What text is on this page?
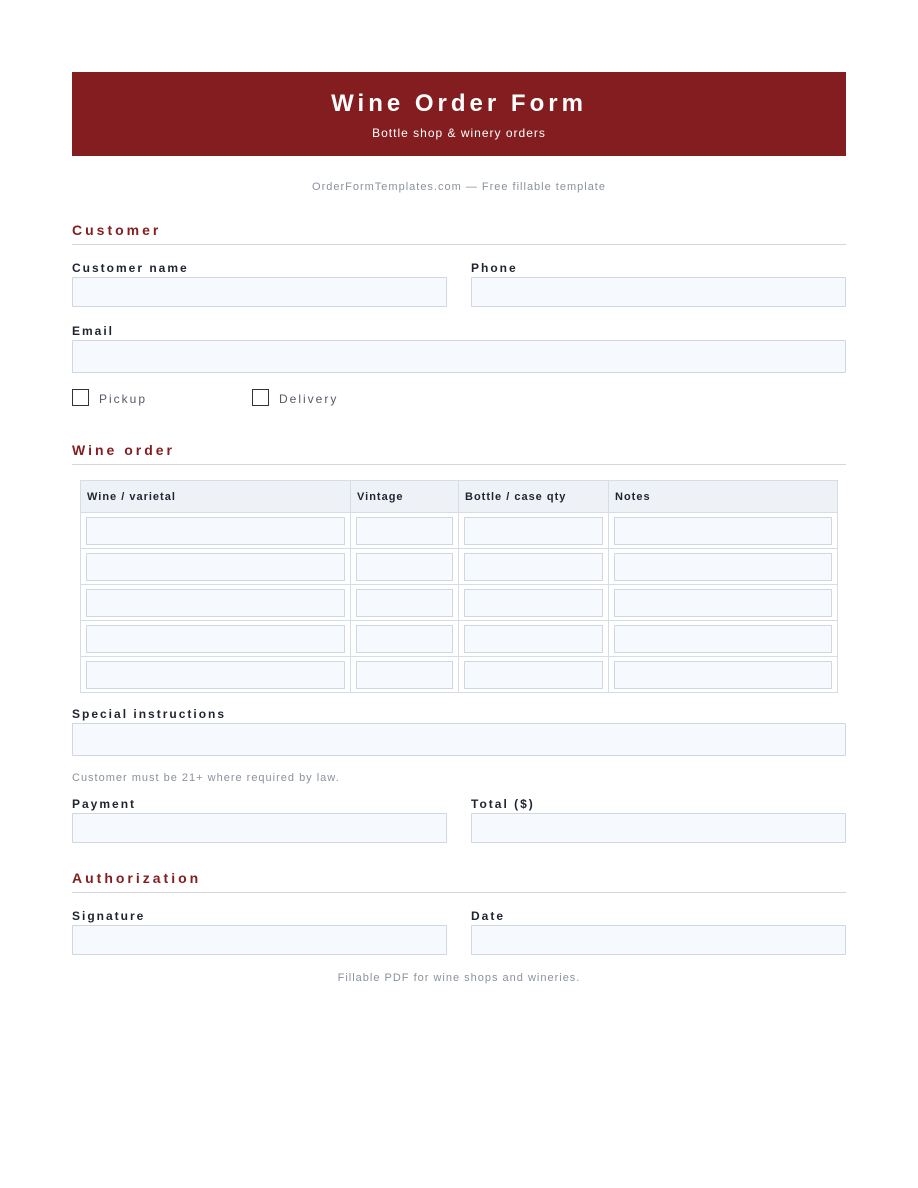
Wine Order Form
Bottle shop & winery orders
OrderFormTemplates.com — Free fillable template
Customer
Customer name	Phone
Email
Pickup	Delivery
Wine order
Wine / varietal	Vintage	Bottle / case qty	Notes

Special instructions
Customer must be 21+ where required by law.
Payment	Total ($)
Authorization
Signature	Date
Fillable PDF for wine shops and wineries.
